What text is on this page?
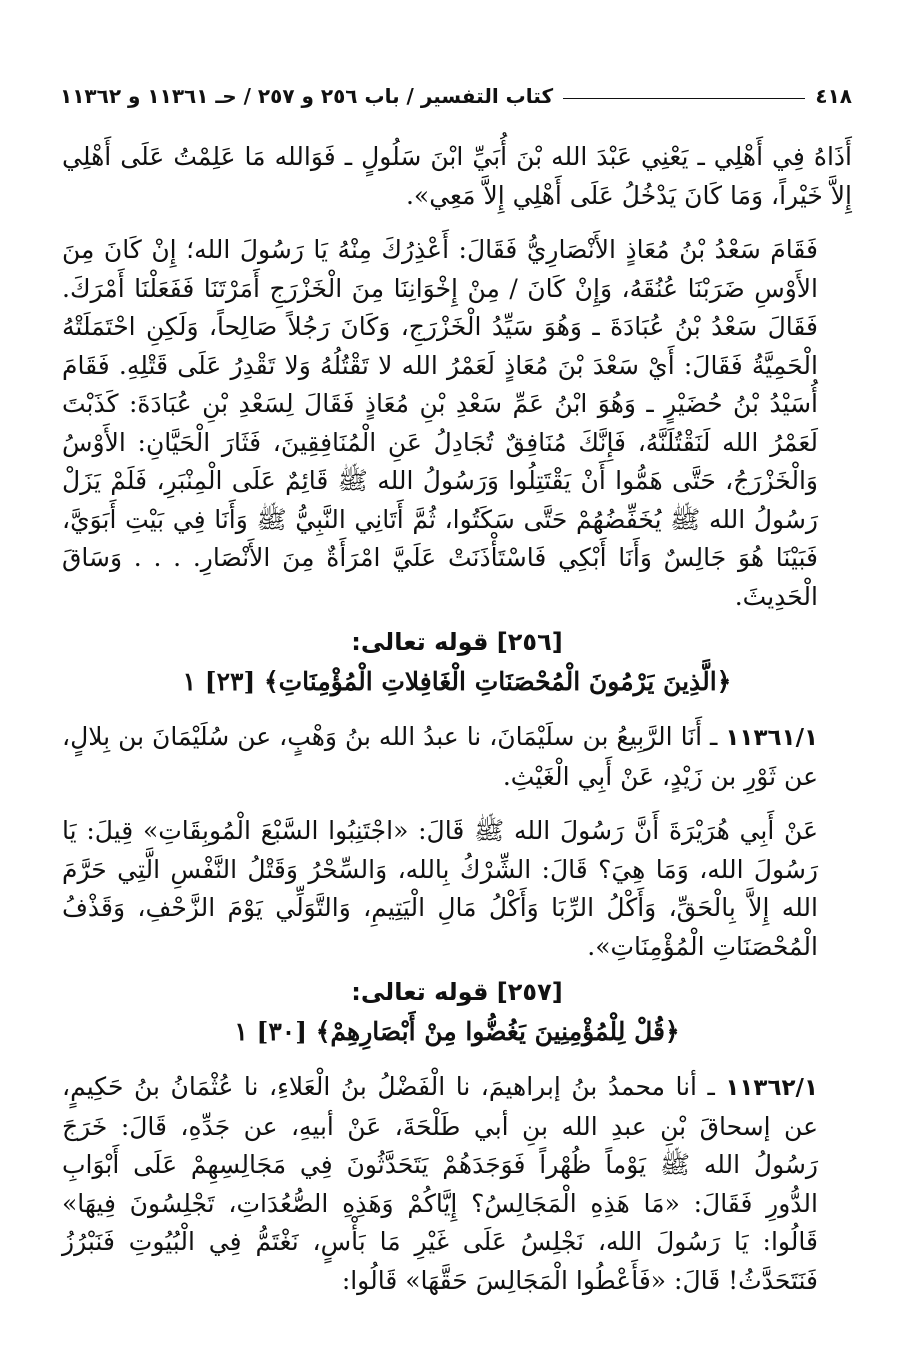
٤١٨
كتاب التفسير / باب ٢٥٦ و ٢٥٧ / حـ ١١٣٦١ و ١١٣٦٢

أَذَاهُ فِي أَهْلِي ـ يَعْنِي عَبْدَ الله بْنَ أُبَيِّ ابْنَ سَلُولٍ ـ فَوَالله مَا عَلِمْتُ عَلَى أَهْلِي إِلاَّ خَيْراً، وَمَا كَانَ يَدْخُلُ عَلَى أَهْلِي إِلاَّ مَعِي».

فَقَامَ سَعْدُ بْنُ مُعَاذٍ الأَنْصَارِيُّ فَقَالَ: أَعْذِرُكَ مِنْهُ يَا رَسُولَ الله؛ إِنْ كَانَ مِنَ الأَوْسِ ضَرَبْنَا عُنُقَهُ، وَإِنْ كَانَ / مِنْ إِخْوَانِنَا مِنَ الْخَزْرَجِ أَمَرْتَنَا فَفَعَلْنَا أَمْرَكَ. فَقَالَ سَعْدُ بْنُ عُبَادَةَ ـ وَهُوَ سَيِّدُ الْخَزْرَجِ، وَكَانَ رَجُلاً صَالِحاً، وَلَكِنِ احْتَمَلَتْهُ الْحَمِيَّةُ فَقَالَ: أَيْ سَعْدَ بْنَ مُعَاذٍ لَعَمْرُ الله لا تَقْتُلُهُ وَلا تَقْدِرُ عَلَى قَتْلِهِ. فَقَامَ أُسَيْدُ بْنُ حُضَيْرٍ ـ وَهُوَ ابْنُ عَمِّ سَعْدِ بْنِ مُعَاذٍ فَقَالَ لِسَعْدِ بْنِ عُبَادَةَ: كَذَبْتَ لَعَمْرُ الله لَنَقْتُلَنَّهُ، فَإِنَّكَ مُنَافِقٌ تُجَادِلُ عَنِ الْمُنَافِقِينَ، فَثَارَ الْحَيَّانِ: الأَوْسُ وَالْخَزْرَجُ، حَتَّى هَمُّوا أَنْ يَقْتَتِلُوا وَرَسُولُ الله ﷺ قَائِمٌ عَلَى الْمِنْبَرِ، فَلَمْ يَزَلْ رَسُولُ الله ﷺ يُخَفِّضُهُمْ حَتَّى سَكَتُوا، ثُمَّ أَتَانِي النَّبِيُّ ﷺ وَأَنَا فِي بَيْتِ أَبَوَيَّ، فَبَيْنَا هُوَ جَالِسٌ وَأَنَا أَبْكِي فَاسْتَأْذَنَتْ عَلَيَّ امْرَأَةٌ مِنَ الأَنْصَارِ. . . . وَسَاقَ الْحَدِيثَ.

[٢٥٦] قوله تعالى:

﴿الَّذِينَ يَرْمُونَ الْمُحْصَنَاتِ الْغَافِلاتِ الْمُؤْمِنَاتِ﴾ [٢٣] ١

١١٣٦١/١ ـ أَنَا الرَّبِيعُ بن سلَيْمَانَ، نا عبدُ الله بنُ وَهْبٍ، عن سُلَيْمَانَ بن بِلالٍ، عن ثَوْرِ بن زَيْدٍ، عَنْ أَبِي الْغَيْثِ.

عَنْ أَبِي هُرَيْرَةَ أَنَّ رَسُولَ الله ﷺ قَالَ: «اجْتَنِبُوا السَّبْعَ الْمُوبِقَاتِ» قِيلَ: يَا رَسُولَ الله، وَمَا هِيَ؟ قَالَ: الشِّرْكُ بِالله، وَالسِّحْرُ وَقَتْلُ النَّفْسِ الَّتِي حَرَّمَ الله إِلاَّ بِالْحَقِّ، وَأَكْلُ الرِّبَا وَأَكْلُ مَالِ الْيَتِيمِ، وَالتَّوَلِّي يَوْمَ الزَّحْفِ، وَقَذْفُ الْمُحْصَنَاتِ الْمُؤْمِنَاتِ».

[٢٥٧] قوله تعالى:

﴿قُلْ لِلْمُؤْمِنِينَ يَغُضُّوا مِنْ أَبْصَارِهِمْ﴾ [٣٠] ١

١١٣٦٢/١ ـ أنا محمدُ بنُ إبراهيمَ، نا الْفَضْلُ بنُ الْعَلاءِ، نا عُثْمَانُ بنُ حَكِيمٍ، عن إسحاقَ بْنِ عبدِ الله بنِ أبي طَلْحَةَ، عَنْ أبيهِ، عن جَدِّهِ، قَالَ: خَرَجَ رَسُولُ الله ﷺ يَوْماً ظُهْراً فَوَجَدَهُمْ يَتَحَدَّثُونَ فِي مَجَالِسِهِمْ عَلَى أَبْوَابِ الدُّورِ فَقَالَ: «مَا هَذِهِ الْمَجَالِسُ؟ إِيَّاكُمْ وَهَذِهِ الصُّعُدَاتِ، تَجْلِسُونَ فِيهَا» قَالُوا: يَا رَسُولَ الله، نَجْلِسُ عَلَى غَيْرِ مَا بَأْسٍ، نَغْتَمُّ فِي الْبُيُوتِ فَنَبْرُزُ فَنَتَحَدَّثُ! قَالَ: «فَأَعْطُوا الْمَجَالِسَ حَقَّهَا» قَالُوا:
